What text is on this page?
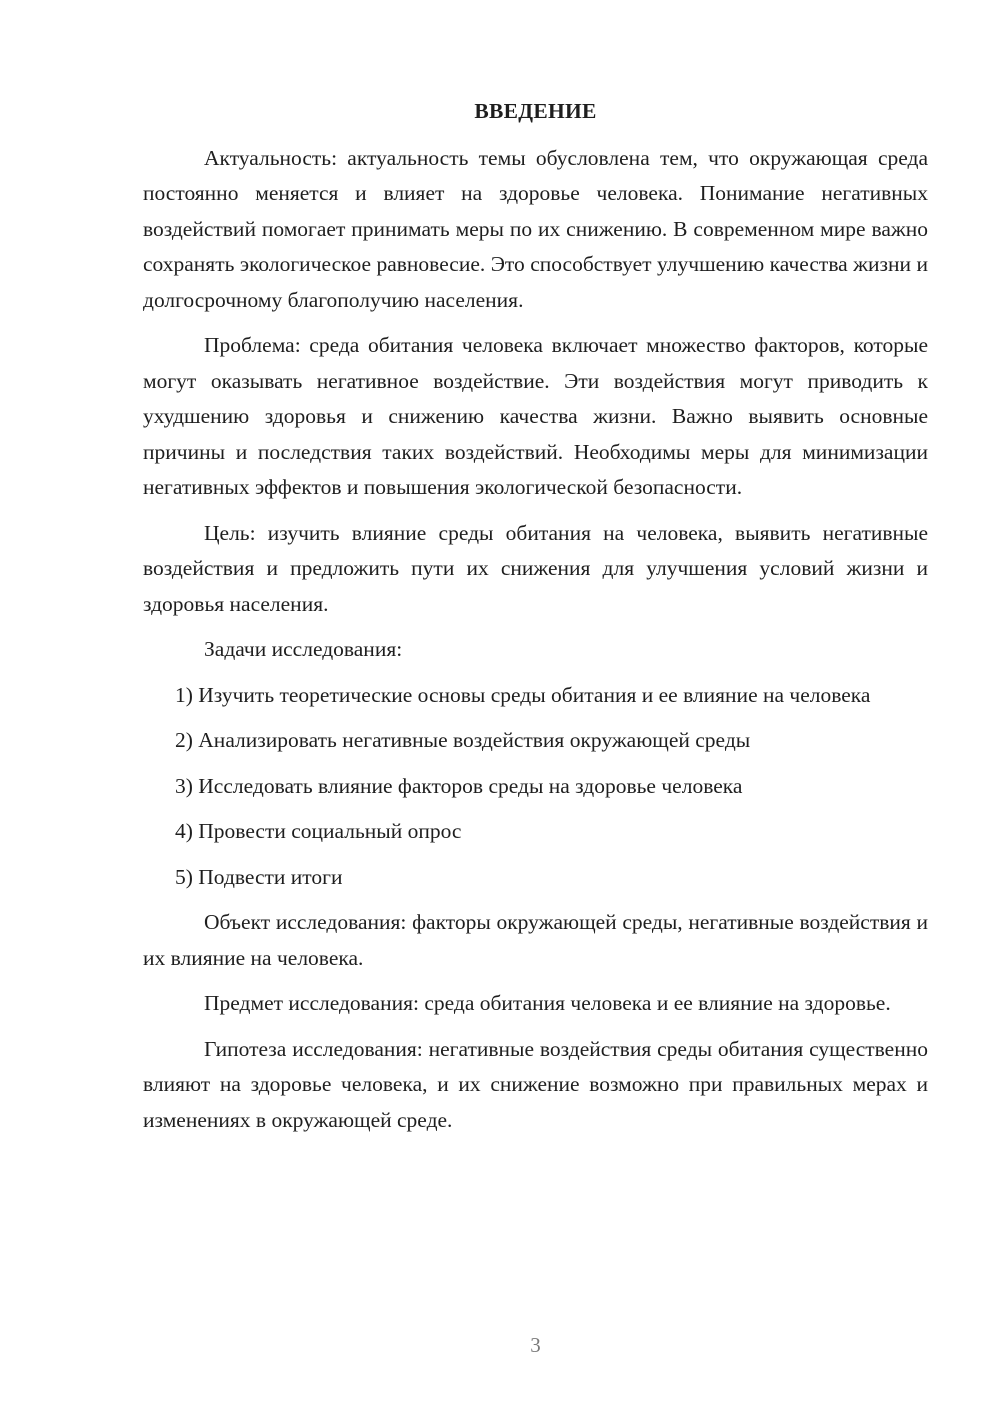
ВВЕДЕНИЕ

Актуальность: актуальность темы обусловлена тем, что окружающая среда постоянно меняется и влияет на здоровье человека. Понимание негативных воздействий помогает принимать меры по их снижению. В современном мире важно сохранять экологическое равновесие. Это способствует улучшению качества жизни и долгосрочному благополучию населения.

Проблема: среда обитания человека включает множество факторов, которые могут оказывать негативное воздействие. Эти воздействия могут приводить к ухудшению здоровья и снижению качества жизни. Важно выявить основные причины и последствия таких воздействий. Необходимы меры для минимизации негативных эффектов и повышения экологической безопасности.

Цель: изучить влияние среды обитания на человека, выявить негативные воздействия и предложить пути их снижения для улучшения условий жизни и здоровья населения.

Задачи исследования:

1) Изучить теоретические основы среды обитания и ее влияние на человека

2) Анализировать негативные воздействия окружающей среды

3) Исследовать влияние факторов среды на здоровье человека

4) Провести социальный опрос

5) Подвести итоги

Объект исследования: факторы окружающей среды, негативные воздействия и их влияние на человека.

Предмет исследования: среда обитания человека и ее влияние на здоровье.

Гипотеза исследования: негативные воздействия среды обитания существенно влияют на здоровье человека, и их снижение возможно при правильных мерах и изменениях в окружающей среде.

3
